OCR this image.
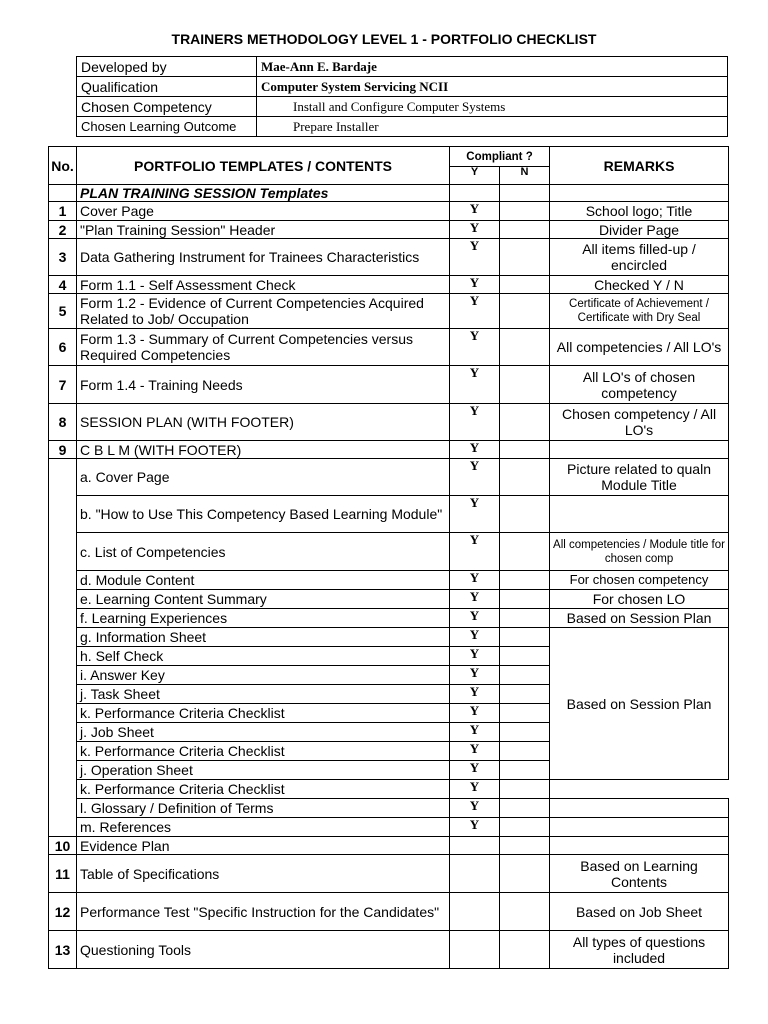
TRAINERS METHODOLOGY LEVEL 1 - PORTFOLIO CHECKLIST
Developed by	Mae-Ann E. Bardaje
Qualification	Computer System Servicing NCII
Chosen Competency	Install and Configure Computer Systems
Chosen Learning Outcome	Prepare Installer
No.	PORTFOLIO TEMPLATES / CONTENTS	Compliant ?		REMARKS
		Y	N	
	PLAN TRAINING SESSION Templates			
1	Cover Page	Y		School logo; Title
2	"Plan Training Session" Header	Y		Divider Page
3	Data Gathering Instrument for Trainees Characteristics	Y		All items filled-up / encircled
4	Form 1.1 - Self Assessment Check	Y		Checked Y / N
5	Form 1.2 - Evidence of Current Competencies Acquired Related to Job/ Occupation	Y		Certificate of Achievement / Certificate with Dry Seal
6	Form 1.3 - Summary of Current Competencies versus Required Competencies	Y		All competencies / All LO's
7	Form 1.4 - Training Needs	Y		All LO's of chosen competency
8	SESSION PLAN (WITH FOOTER)	Y		Chosen competency / All LO's
9	C B L M (WITH FOOTER)	Y		
	a. Cover Page	Y		Picture related to qualn Module Title
	b. "How to Use This Competency Based Learning Module"	Y		
	c. List of Competencies	Y		All competencies / Module title for chosen comp
	d. Module Content	Y		For chosen competency
	e. Learning Content Summary	Y		For chosen LO
	f. Learning Experiences	Y		Based on Session Plan
	g. Information Sheet	Y		Based on Session Plan
	h. Self Check	Y		
	i. Answer Key	Y		
	j. Task Sheet	Y		
	k. Performance Criteria Checklist	Y		
	j. Job Sheet	Y		
	k. Performance Criteria Checklist	Y		
	j. Operation Sheet	Y		
	k. Performance Criteria Checklist	Y		
	l. Glossary / Definition of Terms	Y		
	m. References	Y		
10	Evidence Plan			
11	Table of Specifications			Based on Learning Contents
12	Performance Test "Specific Instruction for the Candidates"			Based on Job Sheet
13	Questioning Tools			All types of questions included
